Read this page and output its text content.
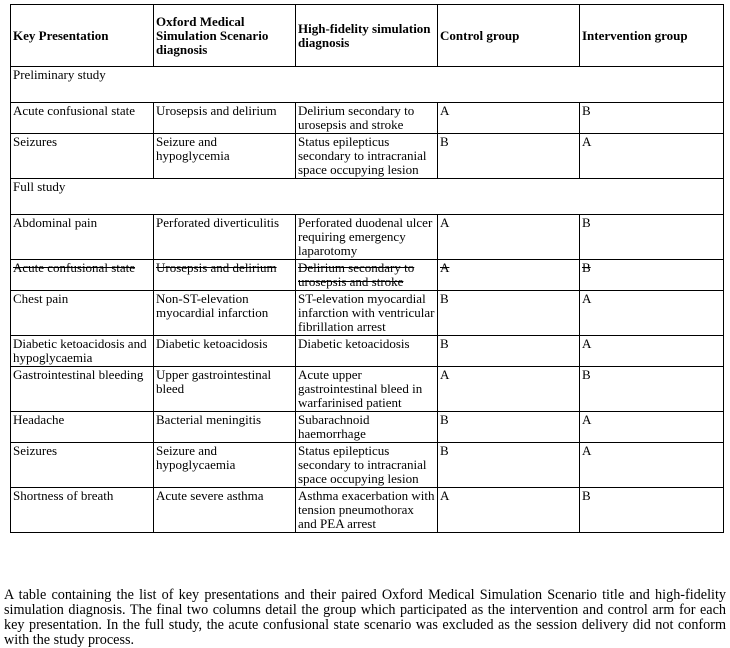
Key Presentation	Oxford Medical Simulation Scenario diagnosis	High-fidelity simulation diagnosis	Control group	Intervention group
Preliminary study				
Acute confusional state	Urosepsis and delirium	Delirium secondary to urosepsis and stroke	A	B
Seizures	Seizure and hypoglycemia	Status epilepticus secondary to intracranial space occupying lesion	B	A
Full study				
Abdominal pain	Perforated diverticulitis	Perforated duodenal ulcer requiring emergency laparotomy	A	B
Acute confusional state	Urosepsis and delirium	Delirium secondary to urosepsis and stroke	A	B
Chest pain	Non-ST-elevation myocardial infarction	ST-elevation myocardial infarction with ventricular fibrillation arrest	B	A
Diabetic ketoacidosis and hypoglycaemia	Diabetic ketoacidosis	Diabetic ketoacidosis	B	A
Gastrointestinal bleeding	Upper gastrointestinal bleed	Acute upper gastrointestinal bleed in warfarinised patient	A	B
Headache	Bacterial meningitis	Subarachnoid haemorrhage	B	A
Seizures	Seizure and hypoglycaemia	Status epilepticus secondary to intracranial space occupying lesion	B	A
Shortness of breath	Acute severe asthma	Asthma exacerbation with tension pneumothorax and PEA arrest	A	B

A table containing the list of key presentations and their paired Oxford Medical Simulation Scenario title and high-fidelity simulation diagnosis. The final two columns detail the group which participated as the intervention and control arm for each key presentation. In the full study, the acute confusional state scenario was excluded as the session delivery did not conform with the study process.
